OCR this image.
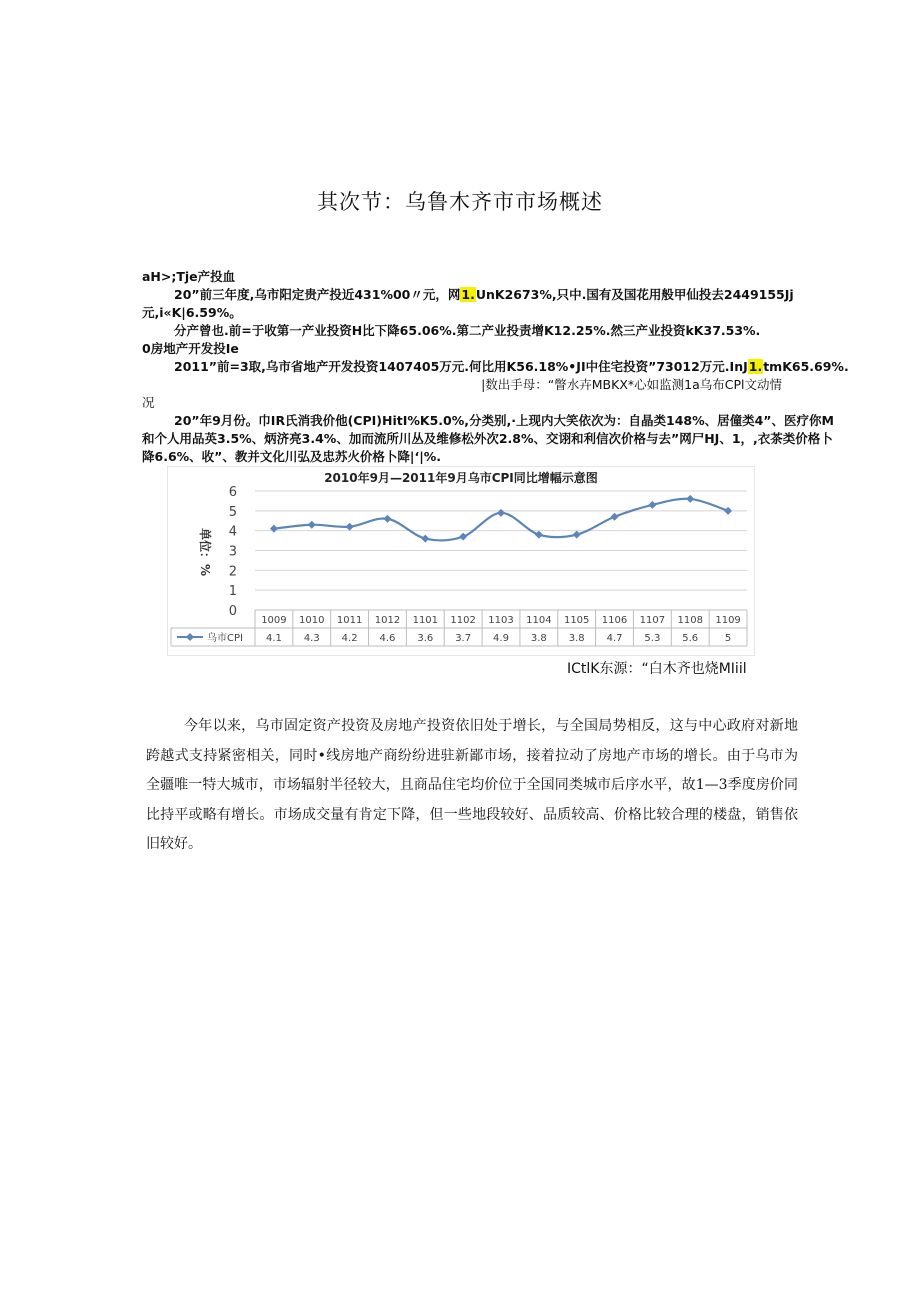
其次节：乌鲁木齐市市场概述
aH>;Tje产投血
20”前三年度,乌市阳定贵产投近431%00〃元，网1.UnK2673%,只中.国有及国花用般甲仙投去2449155Jj
元,i«K|6.59%。
分产曾也.前=于收第一产业投资H比下降65.06%.第二产业投责增K12.25%.然三产业投资kK37.53%.
0房地产开发投Ie
2011”前=3取,乌市省地产开发投资1407405万元.何比用K56.18%•JI中住宅投资”73012万元.InJ1.tmK65.69%.
|数出手母：“瞥水卉MBKX*心如监测1a乌布CPl文动情
况
20”年9月份。巾IR氏消我价他(CPI)HitI%K5.0%,分类别,·上现内大笑依次为：自晶类148%、居僮类4”、医疗你M
和个人用品英3.5%、炳济亮3.4%、加而流所川丛及维修松外次2.8%、交诩和利信次价格与去”网尸HJ、1，,衣茶类价格卜
降6.6%、收”、教并文化川弘及忠苏火价格卜降|‘|%.
2010年9月—2011年9月乌市CPI同比增幅示意图
单位：%
0
1
2
3
4
5
6
1009 1010 1011 1012 1101 1102 1103 1104 1105 1106 1107 1108 1109
4.1 4.3 4.2 4.6 3.6 3.7 4.9 3.8 3.8 4.7 5.3 5.6	5
乌市CPI
ICtlK东源：“白木齐也烧MIiil
今年以来，乌市固定资产投资及房地产投资依旧处于增长，与全国局势相反，这与中心政府对新地跨越式支持紧密相关，同时•线房地产商纷纷进驻新鄙市场，接着拉动了房地产市场的增长。由于乌市为全疆唯一特大城市，市场辐射半径较大，且商品住宅均价位于全国同类城市后序水平，故1—3季度房价同比持平或略有增长。市场成交量有肯定下降，但一些地段较好、品质较高、价格比较合理的楼盘，销售依旧较好。
